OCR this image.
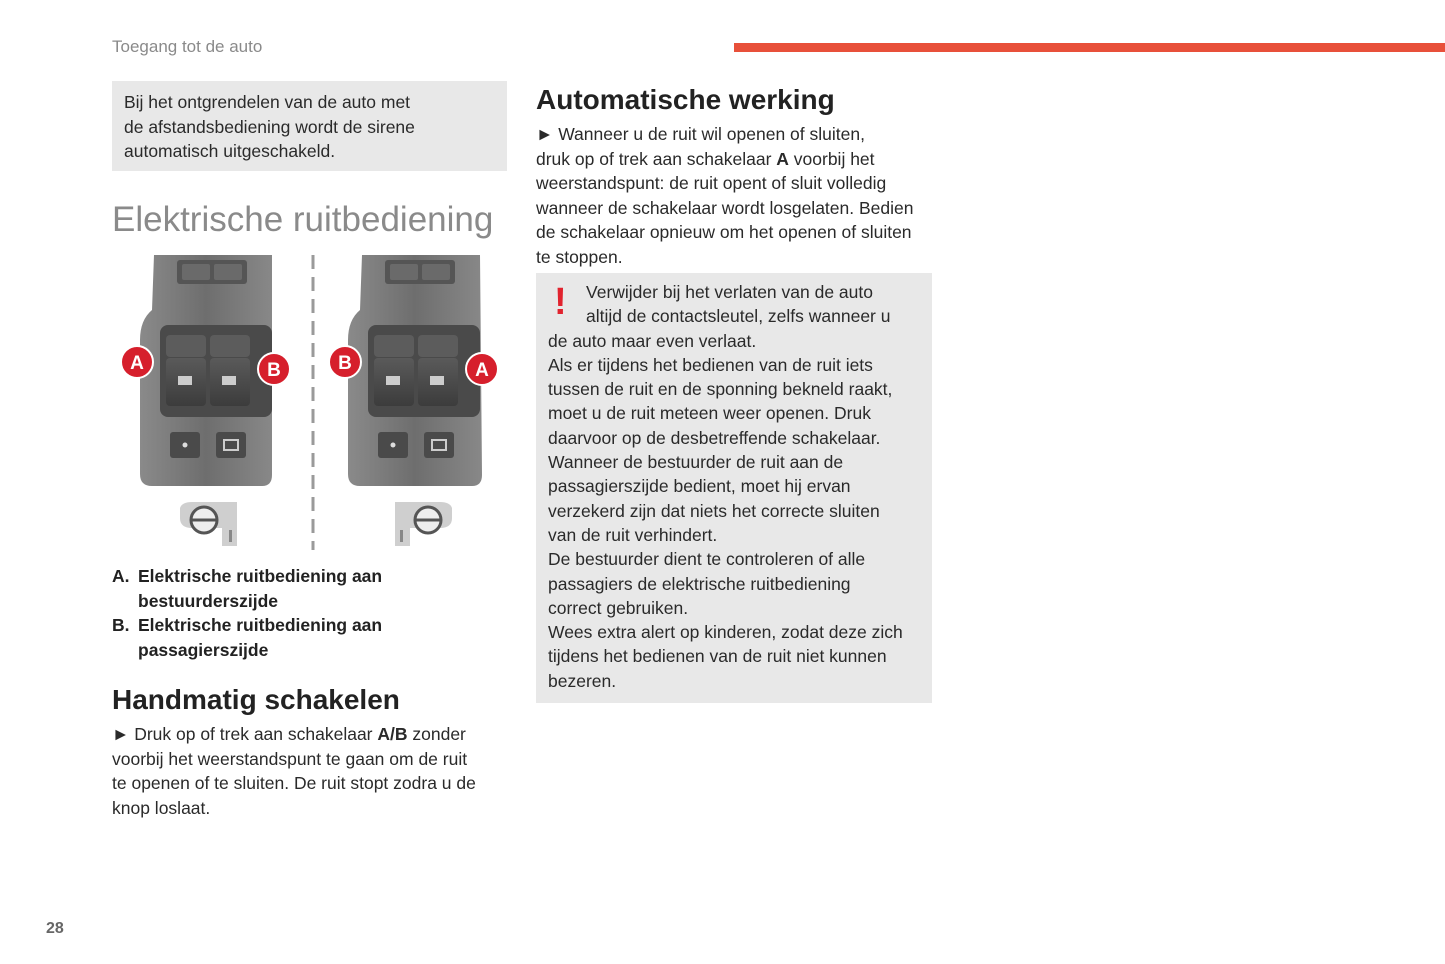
Toegang tot de auto
Bij het ontgrendelen van de auto met
de afstandsbediening wordt de sirene
automatisch uitgeschakeld.
Elektrische ruitbediening
A	B	B	A
A. Elektrische ruitbediening aan
bestuurderszijde
B. Elektrische ruitbediening aan
passagierszijde
Handmatig schakelen
► Druk op of trek aan schakelaar A/B zonder
voorbij het weerstandspunt te gaan om de ruit
te openen of te sluiten. De ruit stopt zodra u de
knop loslaat.
Automatische werking
► Wanneer u de ruit wil openen of sluiten,
druk op of trek aan schakelaar A voorbij het
weerstandspunt: de ruit opent of sluit volledig
wanneer de schakelaar wordt losgelaten. Bedien
de schakelaar opnieuw om het openen of sluiten
te stoppen.
Verwijder bij het verlaten van de auto
altijd de contactsleutel, zelfs wanneer u
de auto maar even verlaat.
Als er tijdens het bedienen van de ruit iets
tussen de ruit en de sponning bekneld raakt,
moet u de ruit meteen weer openen. Druk
daarvoor op de desbetreffende schakelaar.
Wanneer de bestuurder de ruit aan de
passagierszijde bedient, moet hij ervan
verzekerd zijn dat niets het correcte sluiten
van de ruit verhindert.
De bestuurder dient te controleren of alle
passagiers de elektrische ruitbediening
correct gebruiken.
Wees extra alert op kinderen, zodat deze zich
tijdens het bedienen van de ruit niet kunnen
bezeren.
!
28
